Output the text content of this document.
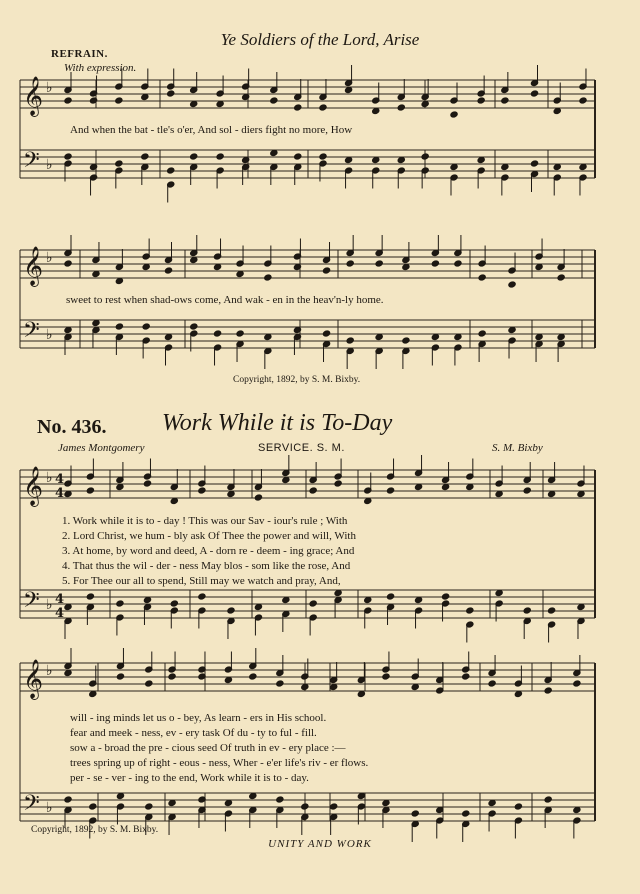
𝄞
𝄢
♭
♭
𝄞
𝄢
♭
♭
𝄞
𝄢
♭
♭
4
4
4
4
𝄞
𝄢
♭
♭
Ye Soldiers of the Lord, Arise
REFRAIN.
With expression.
And when the bat - tle's o'er, And sol - diers fight no more, How
sweet to rest when shad-ows come, And wak - en in the heav'n-ly home.
Copyright, 1892, by S. M. Bixby.
No. 436. Work While it is To-Day
James Montgomery	SERVICE. S. M.	S. M. Bixby
1. Work while it is to - day ! This was our Sav - iour's rule ; With
2. Lord Christ, we hum - bly ask Of Thee the power and will, With
3. At home, by word and deed, A - dorn re - deem - ing grace; And
4. That thus the wil - der - ness May blos - som like the rose, And
5. For Thee our all to spend, Still may we watch and pray, And,
will - ing minds let us o - bey, As learn - ers in His school.
fear and meek - ness, ev - ery task Of du - ty to ful - fill.
sow a - broad the pre - cious seed Of truth in ev - ery place :—
trees spring up of right - eous - ness, Wher - e'er life's riv - er flows.
per - se - ver - ing to the end, Work while it is to - day.
Copyright, 1892, by S. M. Bixby.
UNITY AND WORK
